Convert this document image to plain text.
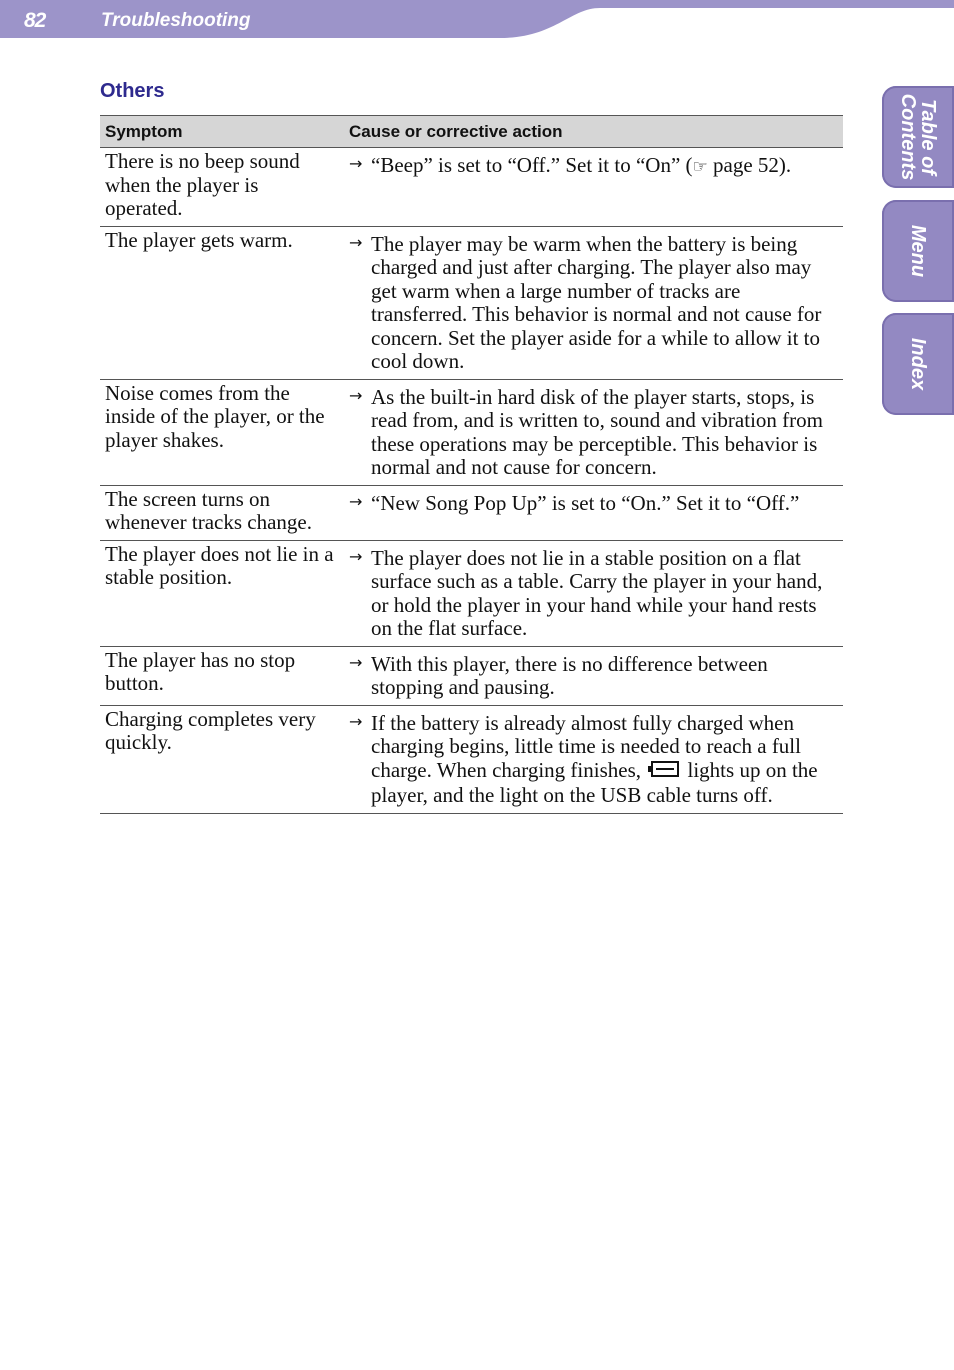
82	Troubleshooting
Table of
Contents
Menu
Index
Others
Symptom	Cause or corrective action
There is no beep sound when the player is operated.	→ “Beep” is set to “Off.” Set it to “On” (☞ page 52).

The player gets warm.	→ The player may be warm when the battery is being charged and just after charging. The player also may get warm when a large number of tracks are transferred. This behavior is normal and not cause for concern. Set the player aside for a while to allow it to cool down.

Noise comes from the inside of the player, or the player shakes.	→ As the built-in hard disk of the player starts, stops, is read from, and is written to, sound and vibration from these operations may be perceptible. This behavior is normal and not cause for concern.

The screen turns on whenever tracks change.	→ “New Song Pop Up” is set to “On.” Set it to “Off.”

The player does not lie in a stable position.	→ The player does not lie in a stable position on a flat surface such as a table. Carry the player in your hand, or hold the player in your hand while your hand rests on the flat surface.

The player has no stop button.	→ With this player, there is no difference between stopping and pausing.

Charging completes very quickly.	→ If the battery is already almost fully charged when charging begins, little time is needed to reach a full charge. When charging finishes,  lights up on the player, and the light on the USB cable turns off.
